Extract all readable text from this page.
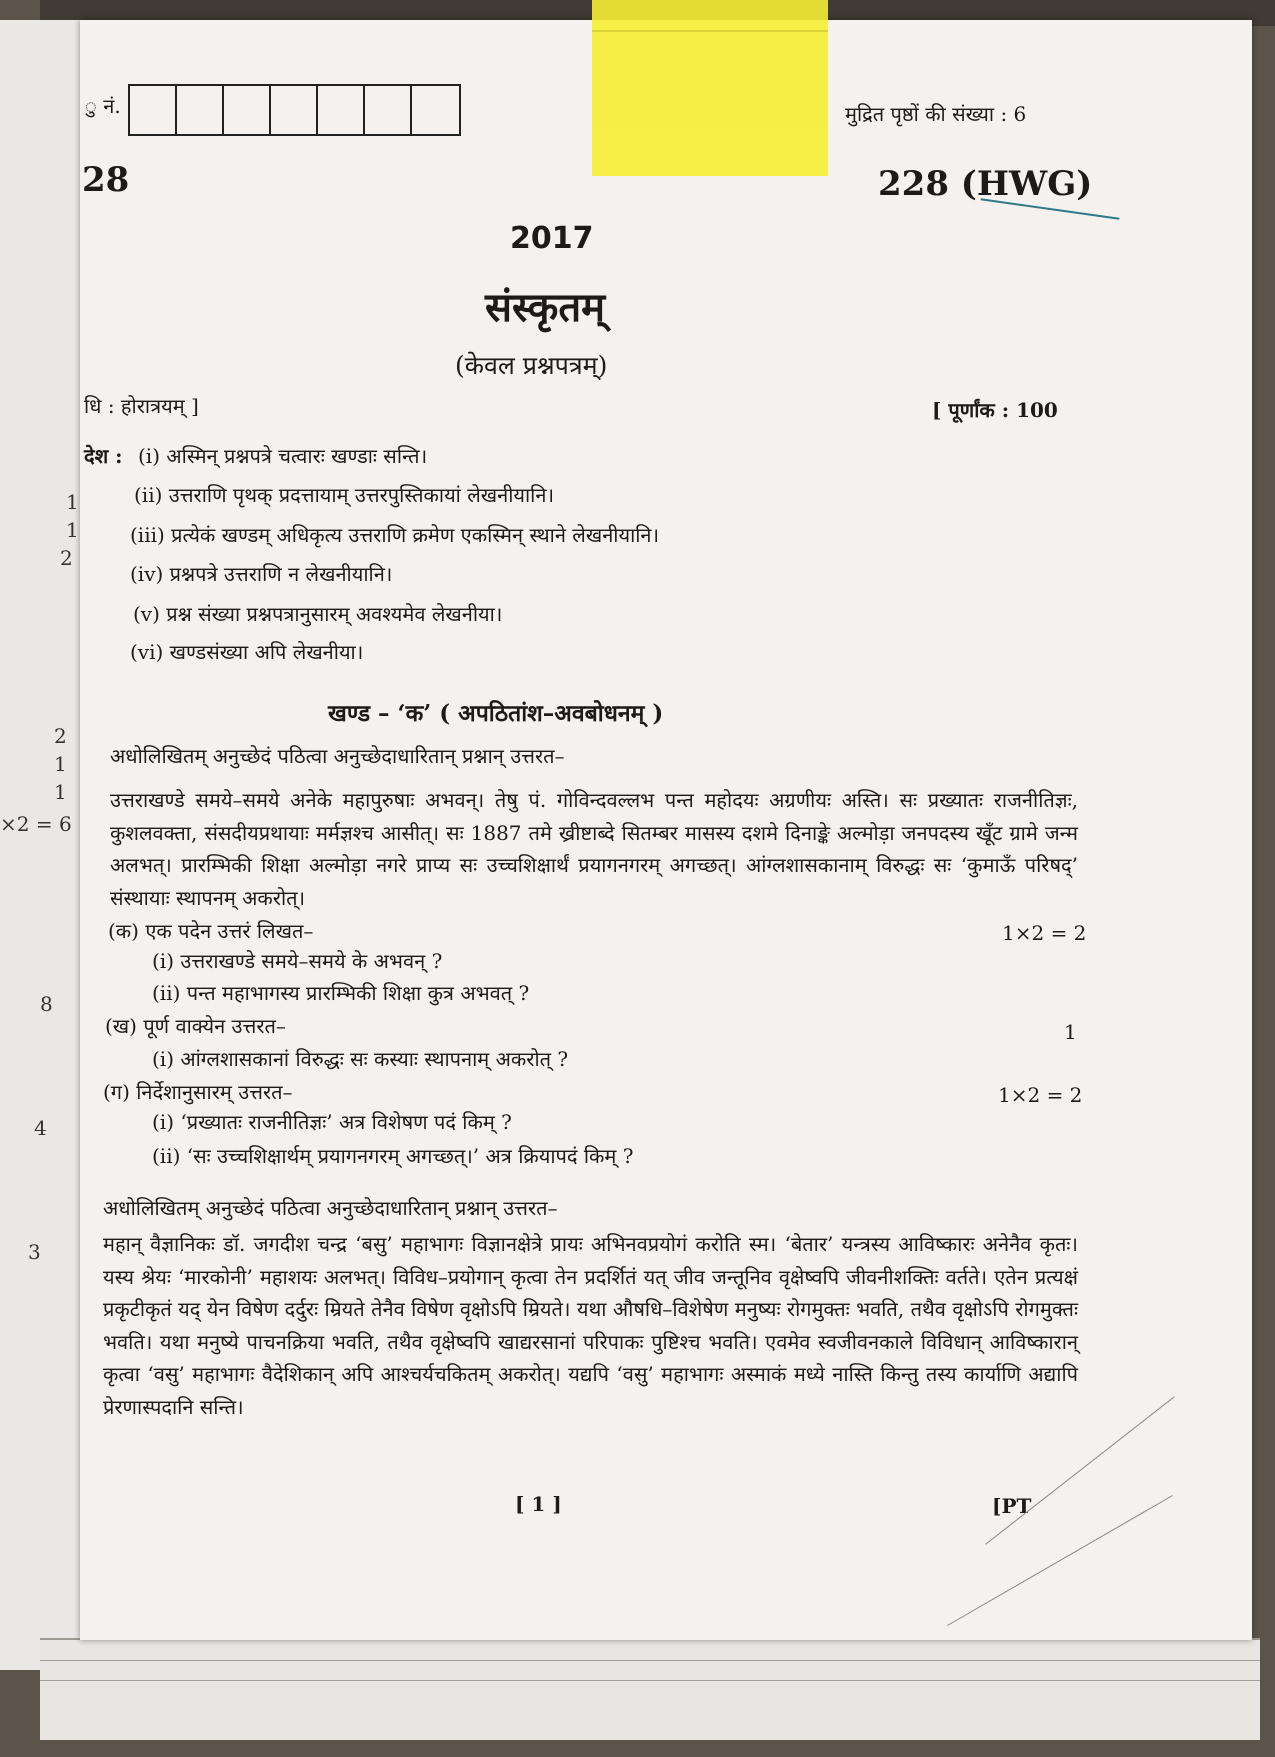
ु नं.	मुद्रित पृष्ठों की संख्या : 6
28	228 (HWG)
2017
संस्कृतम्
(केवल प्रश्नपत्रम्)
धि : होरात्रयम् ]	[ पूर्णांक : 100
देश : (i) अस्मिन् प्रश्नपत्रे चत्वारः खण्डाः सन्ति।
(ii) उत्तराणि पृथक् प्रदत्तायाम् उत्तरपुस्तिकायां लेखनीयानि।
(iii) प्रत्येकं खण्डम् अधिकृत्य उत्तराणि क्रमेण एकस्मिन् स्थाने लेखनीयानि।
(iv) प्रश्नपत्रे उत्तराणि न लेखनीयानि।
(v) प्रश्न संख्या प्रश्नपत्रानुसारम् अवश्यमेव लेखनीया।
(vi) खण्डसंख्या अपि लेखनीया।
खण्ड – ‘क’ ( अपठितांश–अवबोधनम् )
अधोलिखितम् अनुच्छेदं पठित्वा अनुच्छेदाधारितान् प्रश्नान् उत्तरत–
उत्तराखण्डे समये–समये अनेके महापुरुषाः अभवन्। तेषु पं. गोविन्दवल्लभ पन्त महोदयः अग्रणीयः अस्ति। सः प्रख्यातः राजनीतिज्ञः, कुशलवक्ता, संसदीयप्रथायाः मर्मज्ञश्च आसीत्। सः 1887 तमे ख्रीष्टाब्दे सितम्बर मासस्य दशमे दिनाङ्के अल्मोड़ा जनपदस्य खूँट ग्रामे जन्म अलभत्। प्रारम्भिकी शिक्षा अल्मोड़ा नगरे प्राप्य सः उच्चशिक्षार्थं प्रयागनगरम् अगच्छत्। आंग्लशासकानाम् विरुद्धः सः ‘कुमाऊँ परिषद्’ संस्थायाः स्थापनम् अकरोत्।
(क) एक पदेन उत्तरं लिखत–	1×2 = 2
(i) उत्तराखण्डे समये–समये के अभवन् ?
(ii) पन्त महाभागस्य प्रारम्भिकी शिक्षा कुत्र अभवत् ?
(ख) पूर्ण वाक्येन उत्तरत–	1
(i) आंग्लशासकानां विरुद्धः सः कस्याः स्थापनाम् अकरोत् ?
(ग) निर्देशानुसारम् उत्तरत–	1×2 = 2
(i) ‘प्रख्यातः राजनीतिज्ञः’ अत्र विशेषण पदं किम् ?
(ii) ‘सः उच्चशिक्षार्थम् प्रयागनगरम् अगच्छत्।’ अत्र क्रियापदं किम् ?
अधोलिखितम् अनुच्छेदं पठित्वा अनुच्छेदाधारितान् प्रश्नान् उत्तरत–
महान् वैज्ञानिकः डॉ. जगदीश चन्द्र ‘बसु’ महाभागः विज्ञानक्षेत्रे प्रायः अभिनवप्रयोगं करोति स्म। ‘बेतार’ यन्त्रस्य आविष्कारः अनेनैव कृतः। यस्य श्रेयः ‘मारकोनी’ महाशयः अलभत्। विविध–प्रयोगान् कृत्वा तेन प्रदर्शितं यत् जीव जन्तूनिव वृक्षेष्वपि जीवनीशक्तिः वर्तते। एतेन प्रत्यक्षं प्रकृटीकृतं यद् येन विषेण दर्दुरः म्रियते तेनैव विषेण वृक्षोऽपि म्रियते। यथा औषधि–विशेषेण मनुष्यः रोगमुक्तः भवति, तथैव वृक्षोऽपि रोगमुक्तः भवति। यथा मनुष्ये पाचनक्रिया भवति, तथैव वृक्षेष्वपि खाद्यरसानां परिपाकः पुष्टिश्च भवति। एवमेव स्वजीवनकाले विविधान् आविष्कारान् कृत्वा ‘वसु’ महाभागः वैदेशिकान् अपि आश्चर्यचकितम् अकरोत्। यद्यपि ‘वसु’ महाभागः अस्माकं मध्ये नास्ति किन्तु तस्य कार्याणि अद्यापि प्रेरणास्पदानि सन्ति।
[ 1 ]	[PT
1
1
2
2
1
1
×2 = 6
8
4
3
